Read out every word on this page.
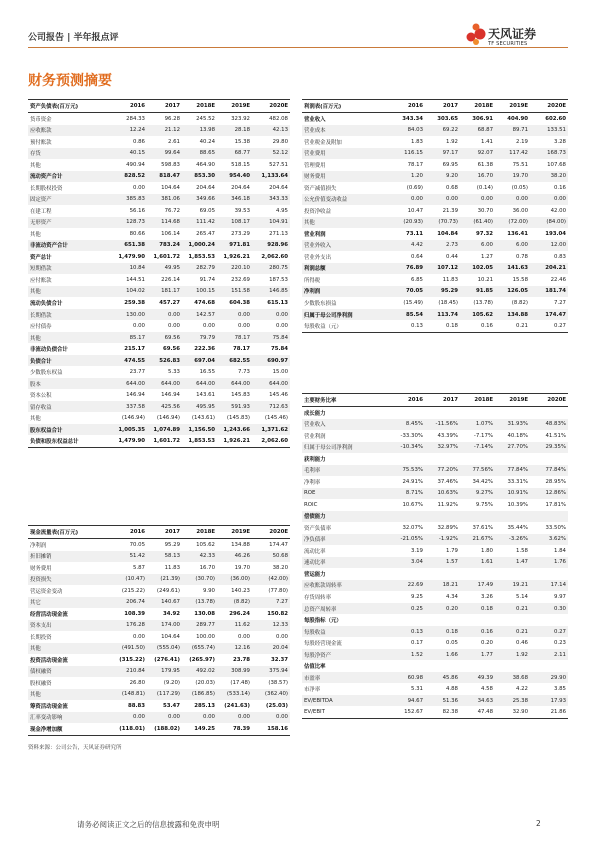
公司报告 | 半年报点评	天风证券
TF SECURITIES
财务预测摘要
资产负债表(百万元)	2016	2017	2018E	2019E	2020E
货币资金	284.33	96.28	245.52	323.92	482.08
应收账款	12.24	21.12	13.98	28.18	42.13
预付账款	0.86	2.61	40.24	15.38	29.80
存货	40.15	99.64	88.65	68.77	52.12
其他	490.94	598.83	464.90	518.15	527.51
流动资产合计	828.52	818.47	853.30	954.40	1,133.64
长期股权投资	0.00	104.64	204.64	204.64	204.64
固定资产	385.83	381.06	349.66	346.18	343.33
在建工程	56.16	76.72	69.05	39.53	4.95
无形资产	128.73	114.68	111.42	108.17	104.91
其他	80.66	106.14	265.47	273.29	271.13
非流动资产合计	651.38	783.24	1,000.24	971.81	928.96
资产总计	1,479.90	1,601.72	1,853.53	1,926.21	2,062.60
短期借款	10.84	49.95	282.79	220.10	280.75
应付账款	144.51	226.14	91.74	232.69	187.53
其他	104.02	181.17	100.15	151.58	146.85
流动负债合计	259.38	457.27	474.68	604.38	615.13
长期借款	130.00	0.00	142.57	0.00	0.00
应付债券	0.00	0.00	0.00	0.00	0.00
其他	85.17	69.56	79.79	78.17	75.84
非流动负债合计	215.17	69.56	222.36	78.17	75.84
负债合计	474.55	526.83	697.04	682.55	690.97
少数股东权益	23.77	5.33	16.55	7.73	15.00
股本	644.00	644.00	644.00	644.00	644.00
资本公积	146.94	146.94	143.61	145.83	145.46
留存收益	337.58	425.56	495.95	591.93	712.63
其他	(146.94)	(146.94)	(143.61)	(145.83)	(145.46)
股东权益合计	1,005.35	1,074.89	1,156.50	1,243.66	1,371.62
负债和股东权益总计	1,479.90	1,601.72	1,853.53	1,926.21	2,062.60
利润表(百万元)	2016	2017	2018E	2019E	2020E
营业收入	343.34	303.65	306.91	404.90	602.60
营业成本	84.03	69.22	68.87	89.71	133.51
营业税金及附加	1.83	1.92	1.41	2.19	3.28
营业费用	116.15	97.17	92.07	117.42	168.73
管理费用	78.17	69.95	61.38	75.51	107.68
财务费用	1.20	9.20	16.70	19.70	38.20
资产减值损失	(0.69)	0.68	(0.14)	(0.05)	0.16
公允价值变动收益	0.00	0.00	0.00	0.00	0.00
投资净收益	10.47	21.39	30.70	36.00	42.00
其他	(20.93)	(70.73)	(61.40)	(72.00)	(84.00)
营业利润	73.11	104.84	97.32	136.41	193.04
营业外收入	4.42	2.73	6.00	6.00	12.00
营业外支出	0.64	0.44	1.27	0.78	0.83
利润总额	76.89	107.12	102.05	141.63	204.21
所得税	6.85	11.83	10.21	15.58	22.46
净利润	70.05	95.29	91.85	126.05	181.74
少数股东损益	(15.49)	(18.45)	(13.78)	(8.82)	7.27
归属于母公司净利润	85.54	113.74	105.62	134.88	174.47
每股收益（元）	0.13	0.18	0.16	0.21	0.27
主要财务比率	2016	2017	2018E	2019E	2020E
成长能力					
营业收入	8.45%	-11.56%	1.07%	31.93%	48.83%
营业利润	-33.30%	43.39%	-7.17%	40.18%	41.51%
归属于母公司净利润	-10.34%	32.97%	-7.14%	27.70%	29.35%
获利能力					
毛利率	75.53%	77.20%	77.56%	77.84%	77.84%
净利率	24.91%	37.46%	34.42%	33.31%	28.95%
ROE	8.71%	10.63%	9.27%	10.91%	12.86%
ROIC	10.67%	11.92%	9.75%	10.39%	17.81%
偿债能力					
资产负债率	32.07%	32.89%	37.61%	35.44%	33.50%
净负债率	-21.05%	-1.92%	21.67%	-3.26%	3.62%
流动比率	3.19	1.79	1.80	1.58	1.84
速动比率	3.04	1.57	1.61	1.47	1.76
营运能力					
应收账款周转率	22.69	18.21	17.49	19.21	17.14
存货周转率	9.25	4.34	3.26	5.14	9.97
总资产周转率	0.25	0.20	0.18	0.21	0.30
每股指标（元）					
每股收益	0.13	0.18	0.16	0.21	0.27
每股经营现金流	0.17	0.05	0.20	0.46	0.23
每股净资产	1.52	1.66	1.77	1.92	2.11
估值比率					
市盈率	60.98	45.86	49.39	38.68	29.90
市净率	5.31	4.88	4.58	4.22	3.85
EV/EBITDA	94.67	51.36	34.63	25.38	17.93
EV/EBIT	152.67	82.38	47.48	32.90	21.86
现金流量表(百万元)	2016	2017	2018E	2019E	2020E
净利润	70.05	95.29	105.62	134.88	174.47
折旧摊销	51.42	58.13	42.33	46.26	50.68
财务费用	5.87	11.83	16.70	19.70	38.20
投资损失	(10.47)	(21.39)	(30.70)	(36.00)	(42.00)
营运资金变动	(215.22)	(249.61)	9.90	140.23	(77.80)
其它	206.74	140.67	(13.78)	(8.82)	7.27
经营活动现金流	108.39	34.92	130.08	296.24	150.82
资本支出	176.28	174.00	289.77	11.62	12.33
长期投资	0.00	104.64	100.00	0.00	0.00
其他	(491.50)	(555.04)	(655.74)	12.16	20.04
投资活动现金流	(315.22)	(276.41)	(265.97)	23.78	32.37
债权融资	210.84	179.95	492.02	308.99	375.94
股权融资	26.80	(9.20)	(20.03)	(17.48)	(38.57)
其他	(148.81)	(117.29)	(186.85)	(533.14)	(362.40)
筹资活动现金流	88.83	53.47	285.13	(241.63)	(25.03)
汇率变动影响	0.00	0.00	0.00	0.00	0.00
现金净增加额	(118.01)	(188.02)	149.25	78.39	158.16
资料来源：公司公告，天风证券研究所
请务必阅读正文之后的信息披露和免责申明	2
